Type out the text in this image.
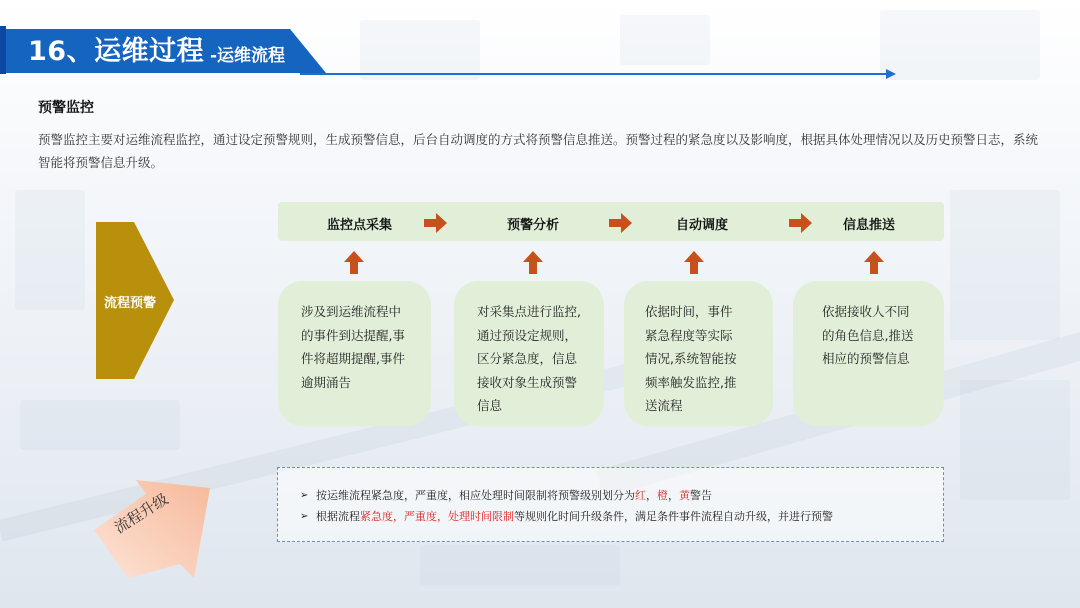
16、运维过程 -运维流程
预警监控
预警监控主要对运维流程监控，通过设定预警规则，生成预警信息，后台自动调度的方式将预警信息推送。预警过程的紧急度以及影响度，根据具体处理情况以及历史预警日志，系统智能将预警信息升级。
流程预警
监控点采集	预警分析	自动调度	信息推送
涉及到运维流程中
的事件到达提醒,事
件将超期提醒,事件
逾期涌告
对采集点进行监控,
通过预设定规则，
区分紧急度，信息
接收对象生成预警
信息
依据时间，事件
紧急程度等实际
情况,系统智能按
频率触发监控,推
送流程
依据接收人不同
的角色信息,推送
相应的预警信息
流程升级	➢ 按运维流程紧急度，严重度，相应处理时间限制将预警级别划分为红，橙，黄警告
➢ 根据流程紧急度，严重度，处理时间限制等规则化时间升级条件，满足条件事件流程自动升级，并进行预警
